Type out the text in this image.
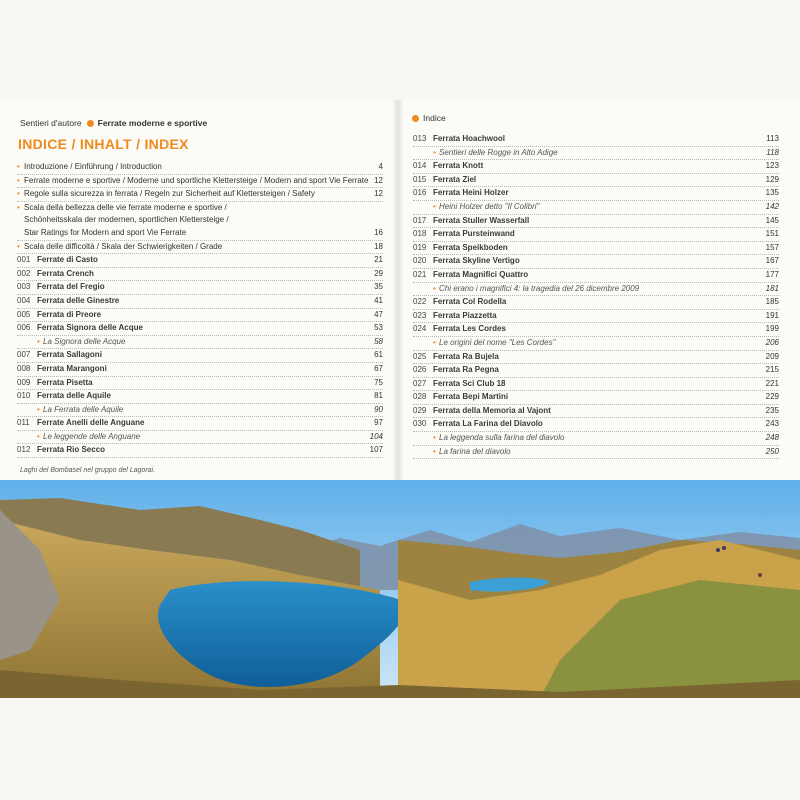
Sentieri d'autore Ferrate moderne e sportive	Indice
INDICE / INHALT / INDEX
• Introduzione / Einführung / Introduction	4
• Ferrate moderne e sportive / Moderne und sportliche Klettersteige / Modern and sport Vie Ferrate 12
• Regole sulla sicurezza in ferrata / Regeln zur Sicherheit auf Klettersteigen / Safety	12
• Scala della bellezza delle vie ferrate moderne e sportive /
Schönheitsskala der modernen, sportlichen Klettersteige /
Star Ratings for Modern and sport Vie Ferrate	16
• Scala delle difficoltà / Skala der Schwierigkeiten / Grade	18
001 Ferrate di Casto	21
002 Ferrata Crench	29
003 Ferrata del Fregio	35
004 Ferrata delle Ginestre	41
005 Ferrata di Preore	47
006 Ferrata Signora delle Acque	53
• La Signora delle Acque	58
007 Ferrata Sallagoni	61
008 Ferrata Marangoni	67
009 Ferrata Pisetta	75
010 Ferrata delle Aquile	81
• La Ferrata delle Aquile	90
011 Ferrate Anelli delle Anguane	97
• Le leggende delle Anguane	104
012 Ferrata Rio Secco	107
013 Ferrata Hoachwool	113
• Sentieri delle Rogge in Alto Adige	118
014 Ferrata Knott	123
015 Ferrata Ziel	129
016 Ferrata Heini Holzer	135
• Heini Holzer detto "Il Colibri"	142
017 Ferrata Stuller Wasserfall	145
018 Ferrata Pursteinwand	151
019 Ferrata Speikboden	157
020 Ferrata Skyline Vertigo	167
021 Ferrata Magnifici Quattro	177
• Chi erano i magnifici 4: la tragedia del 26 dicembre 2009	181
022 Ferrata Col Rodella	185
023 Ferrata Piazzetta	191
024 Ferrata Les Cordes	199
• Le origini del nome "Les Cordes"	206
025 Ferrata Ra Bujela	209
026 Ferrata Ra Pegna	215
027 Ferrata Sci Club 18	221
028 Ferrata Bepi Martini	229
029 Ferrata della Memoria al Vajont	235
030 Ferrata La Farina del Diavolo	243
• La leggenda sulla farina del diavolo	248
• La farina del diavolo	250
Laghi del Bombasel nel gruppo del Lagorai.
